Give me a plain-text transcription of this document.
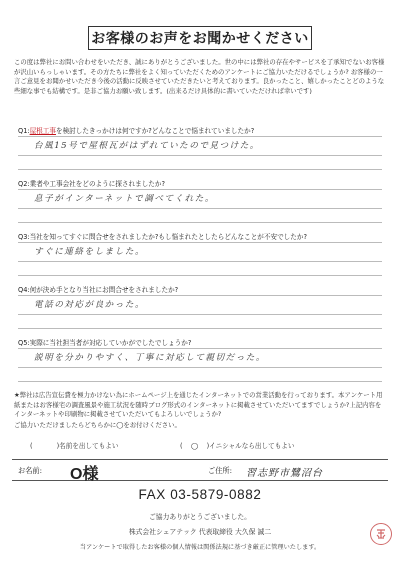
お客様のお声をお聞かせください
この度は弊社にお問い合わせをいただき、誠にありがとうございました。世の中には弊社の存在やサービスを了承知でないお客様が沢山いらっしゃいます。その方たちに弊社をよく知っていただくためのアンケートにご協力いただけるでしょうか? お客様の一言ご意見をお聞かせいただき今後の活動に反映させていただきたいと考えております。良かったこと、嬉しかったことどのような些細な事でも結構です。是非ご協力お願い致します。(出来るだけ具体的に書いていただければ幸いです)
Q1:屋根工事を検討したきっかけは何ですか?どんなことで悩まれていましたか?
台風15号で屋根瓦がはずれていたので見つけた。
Q2:業者や工事会社をどのように探されましたか?
息子がインターネットで調べてくれた。
Q3:当社を知ってすぐに問合せをされましたか?もし悩まれたとしたらどんなことが不安でしたか?
すぐに連絡をしました。
Q4:何が決め手となり当社にお問合せをされましたか?
電話の対応が良かった。
Q5:実際に当社担当者が対応していかがでしたでしょうか?
説明を分かりやすく、丁寧に対応して親切だった。
★弊社は広告宣伝費を極力かけない為にホームページ上を通じたインターネットでの営業活動を行っております。本アンケート用紙またはお客様宅の調査風景や施工状況を随時ブログ形式のインターネットに掲載させていただいてますでしょうか?上記内容をインターネットや印刷物に掲載させていただいてもよろしいでしょうか?
ご協力いただけましたらどちらかに◯をお付けください。
(	)名前を出してもよい	( ◯ )イニシャルなら出してもよい
お名前: O様	ご住所: 習志野市鷺沼台
FAX 03-5879-0882
ご協力ありがとうございました。
株式会社シェアテック 代表取締役 大久保 誠二
当アンケートで取得したお客様の個人情報は関係法規に基づき厳正に管理いたします。
